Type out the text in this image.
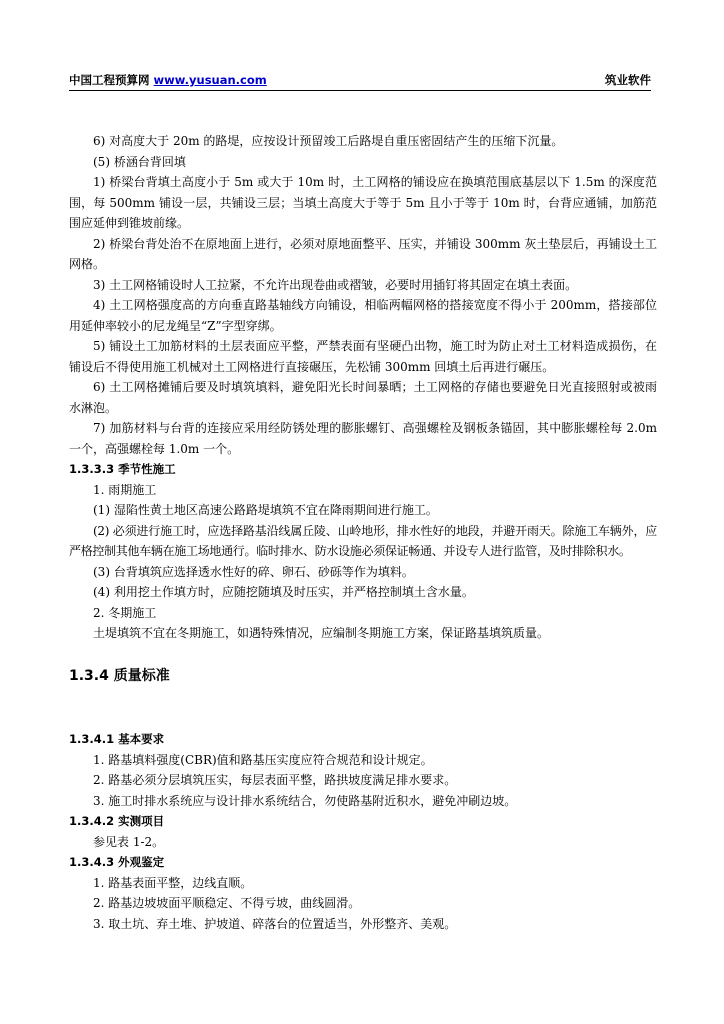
中国工程预算网 www.yusuan.com	筑业软件

6) 对高度大于 20m 的路堤，应按设计预留竣工后路堤自重压密固结产生的压缩下沉量。

(5) 桥涵台背回填

1) 桥梁台背填土高度小于 5m 或大于 10m 时，土工网格的铺设应在换填范围底基层以下 1.5m 的深度范围，每 500mm 铺设一层，共铺设三层；当填土高度大于等于 5m 且小于等于 10m 时，台背应通铺，加筋范围应延伸到锥坡前缘。

2) 桥梁台背处治不在原地面上进行，必须对原地面整平、压实，并铺设 300mm 灰土垫层后，再铺设土工网格。

3) 土工网格铺设时人工拉紧，不允许出现卷曲或褶皱，必要时用插钉将其固定在填土表面。

4) 土工网格强度高的方向垂直路基轴线方向铺设，相临两幅网格的搭接宽度不得小于 200mm，搭接部位用延伸率较小的尼龙绳呈“Z”字型穿绑。

5) 铺设土工加筋材料的土层表面应平整，严禁表面有坚硬凸出物，施工时为防止对土工材料造成损伤，在铺设后不得使用施工机械对土工网格进行直接碾压，先松铺 300mm 回填土后再进行碾压。

6) 土工网格摊铺后要及时填筑填料，避免阳光长时间暴晒；土工网格的存储也要避免日光直接照射或被雨水淋泡。

7) 加筋材料与台背的连接应采用经防锈处理的膨胀螺钉、高强螺栓及钢板条锚固，其中膨胀螺栓每 2.0m 一个，高强螺栓每 1.0m 一个。

1.3.3.3 季节性施工

1. 雨期施工

(1) 湿陷性黄土地区高速公路路堤填筑不宜在降雨期间进行施工。

(2) 必须进行施工时，应选择路基沿线属丘陵、山岭地形，排水性好的地段，并避开雨天。除施工车辆外，应严格控制其他车辆在施工场地通行。临时排水、防水设施必须保证畅通、并设专人进行监管，及时排除积水。

(3) 台背填筑应选择透水性好的碎、卵石、砂砾等作为填料。

(4) 利用挖土作填方时，应随挖随填及时压实，并严格控制填土含水量。

2. 冬期施工

土堤填筑不宜在冬期施工，如遇特殊情况，应编制冬期施工方案，保证路基填筑质量。

1.3.4 质量标准

1.3.4.1 基本要求

1. 路基填料强度(CBR)值和路基压实度应符合规范和设计规定。

2. 路基必须分层填筑压实，每层表面平整，路拱坡度满足排水要求。

3. 施工时排水系统应与设计排水系统结合，勿使路基附近积水，避免冲刷边坡。

1.3.4.2 实测项目

参见表 1-2。

1.3.4.3 外观鉴定

1. 路基表面平整，边线直顺。

2. 路基边坡坡面平顺稳定、不得亏坡，曲线圆滑。

3. 取土坑、弃土堆、护坡道、碎落台的位置适当，外形整齐、美观。
